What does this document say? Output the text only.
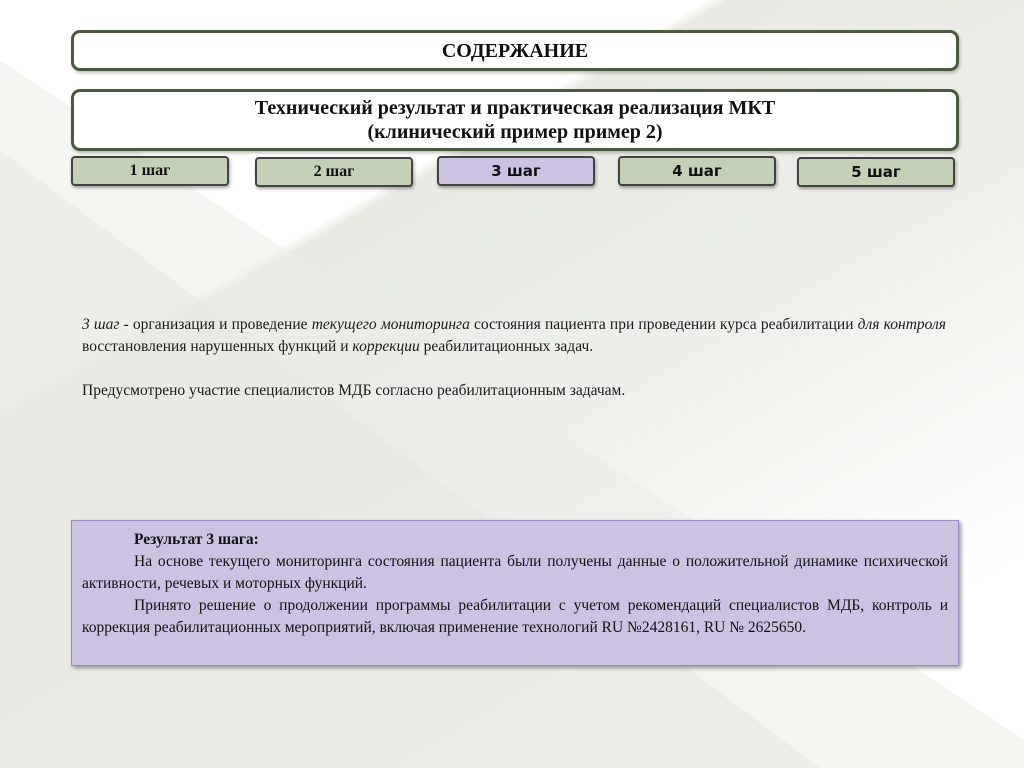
СОДЕРЖАНИЕ
Технический результат и практическая реализация МКТ
(клинический пример пример 2)
1 шаг	2 шаг	3 шаг	4 шаг	5 шаг
3 шаг - организация и проведение текущего мониторинга состояния пациента при проведении курса реабилитации для контроля восстановления нарушенных функций и коррекции реабилитационных задач.
Предусмотрено участие специалистов МДБ согласно реабилитационным задачам.
Результат 3 шага:
На основе текущего мониторинга состояния пациента были получены данные о положительной динамике психической активности, речевых и моторных функций.
Принято решение о продолжении программы реабилитации с учетом рекомендаций специалистов МДБ, контроль и коррекция реабилитационных мероприятий, включая применение технологий RU №2428161, RU № 2625650.
